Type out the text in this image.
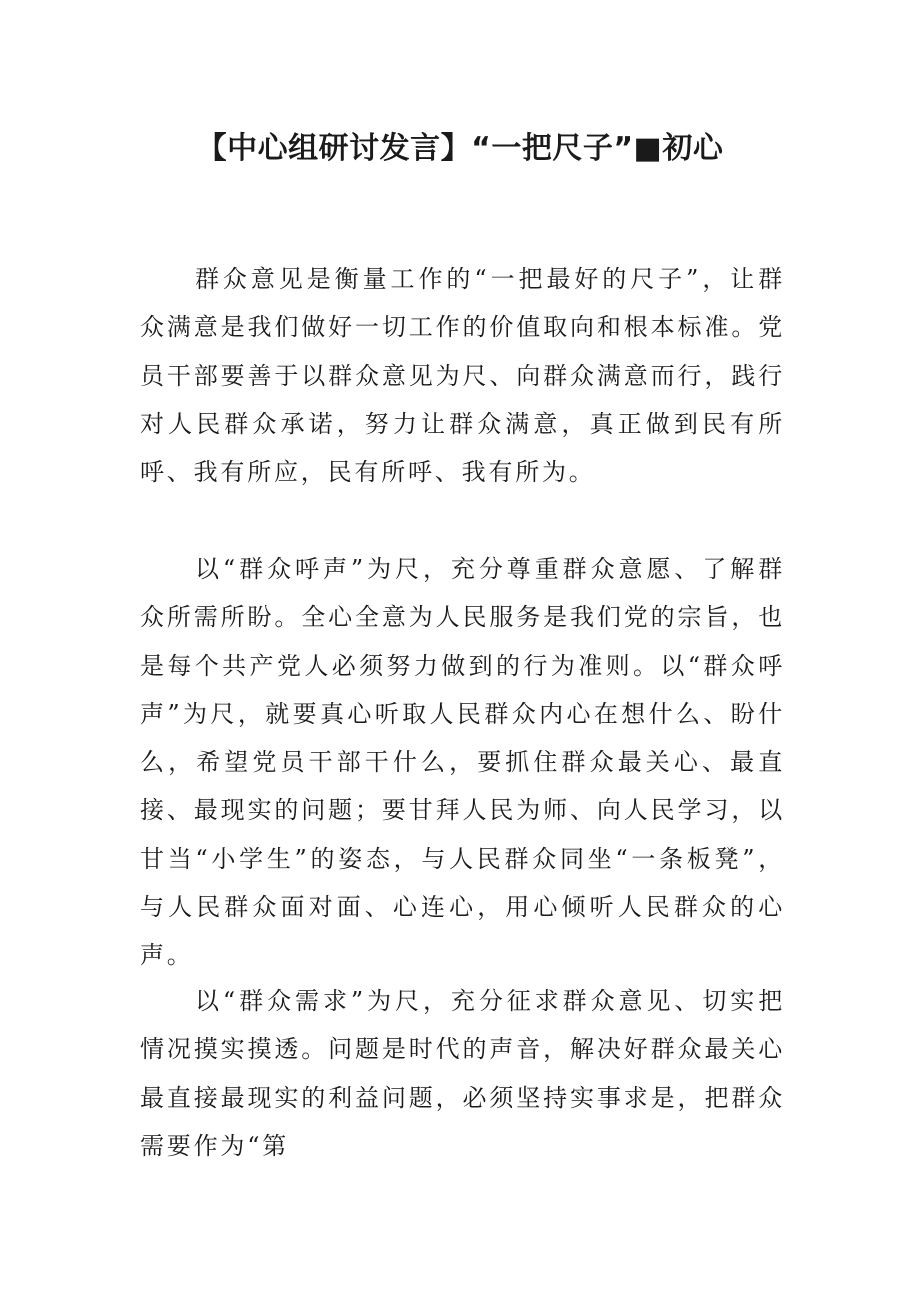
【中心组研讨发言】“一把尺子”■初心

群众意见是衡量工作的“一把最好的尺子”，让群众满意是我们做好一切工作的价值取向和根本标准。党员干部要善于以群众意见为尺、向群众满意而行，践行对人民群众承诺，努力让群众满意，真正做到民有所呼、我有所应，民有所呼、我有所为。

以“群众呼声”为尺，充分尊重群众意愿、了解群众所需所盼。全心全意为人民服务是我们党的宗旨，也是每个共产党人必须努力做到的行为准则。以“群众呼声”为尺，就要真心听取人民群众内心在想什么、盼什么，希望党员干部干什么，要抓住群众最关心、最直接、最现实的问题；要甘拜人民为师、向人民学习，以甘当“小学生”的姿态，与人民群众同坐“一条板凳”，与人民群众面对面、心连心，用心倾听人民群众的心声。

以“群众需求”为尺，充分征求群众意见、切实把情况摸实摸透。问题是时代的声音，解决好群众最关心最直接最现实的利益问题，必须坚持实事求是，把群众需要作为“第
